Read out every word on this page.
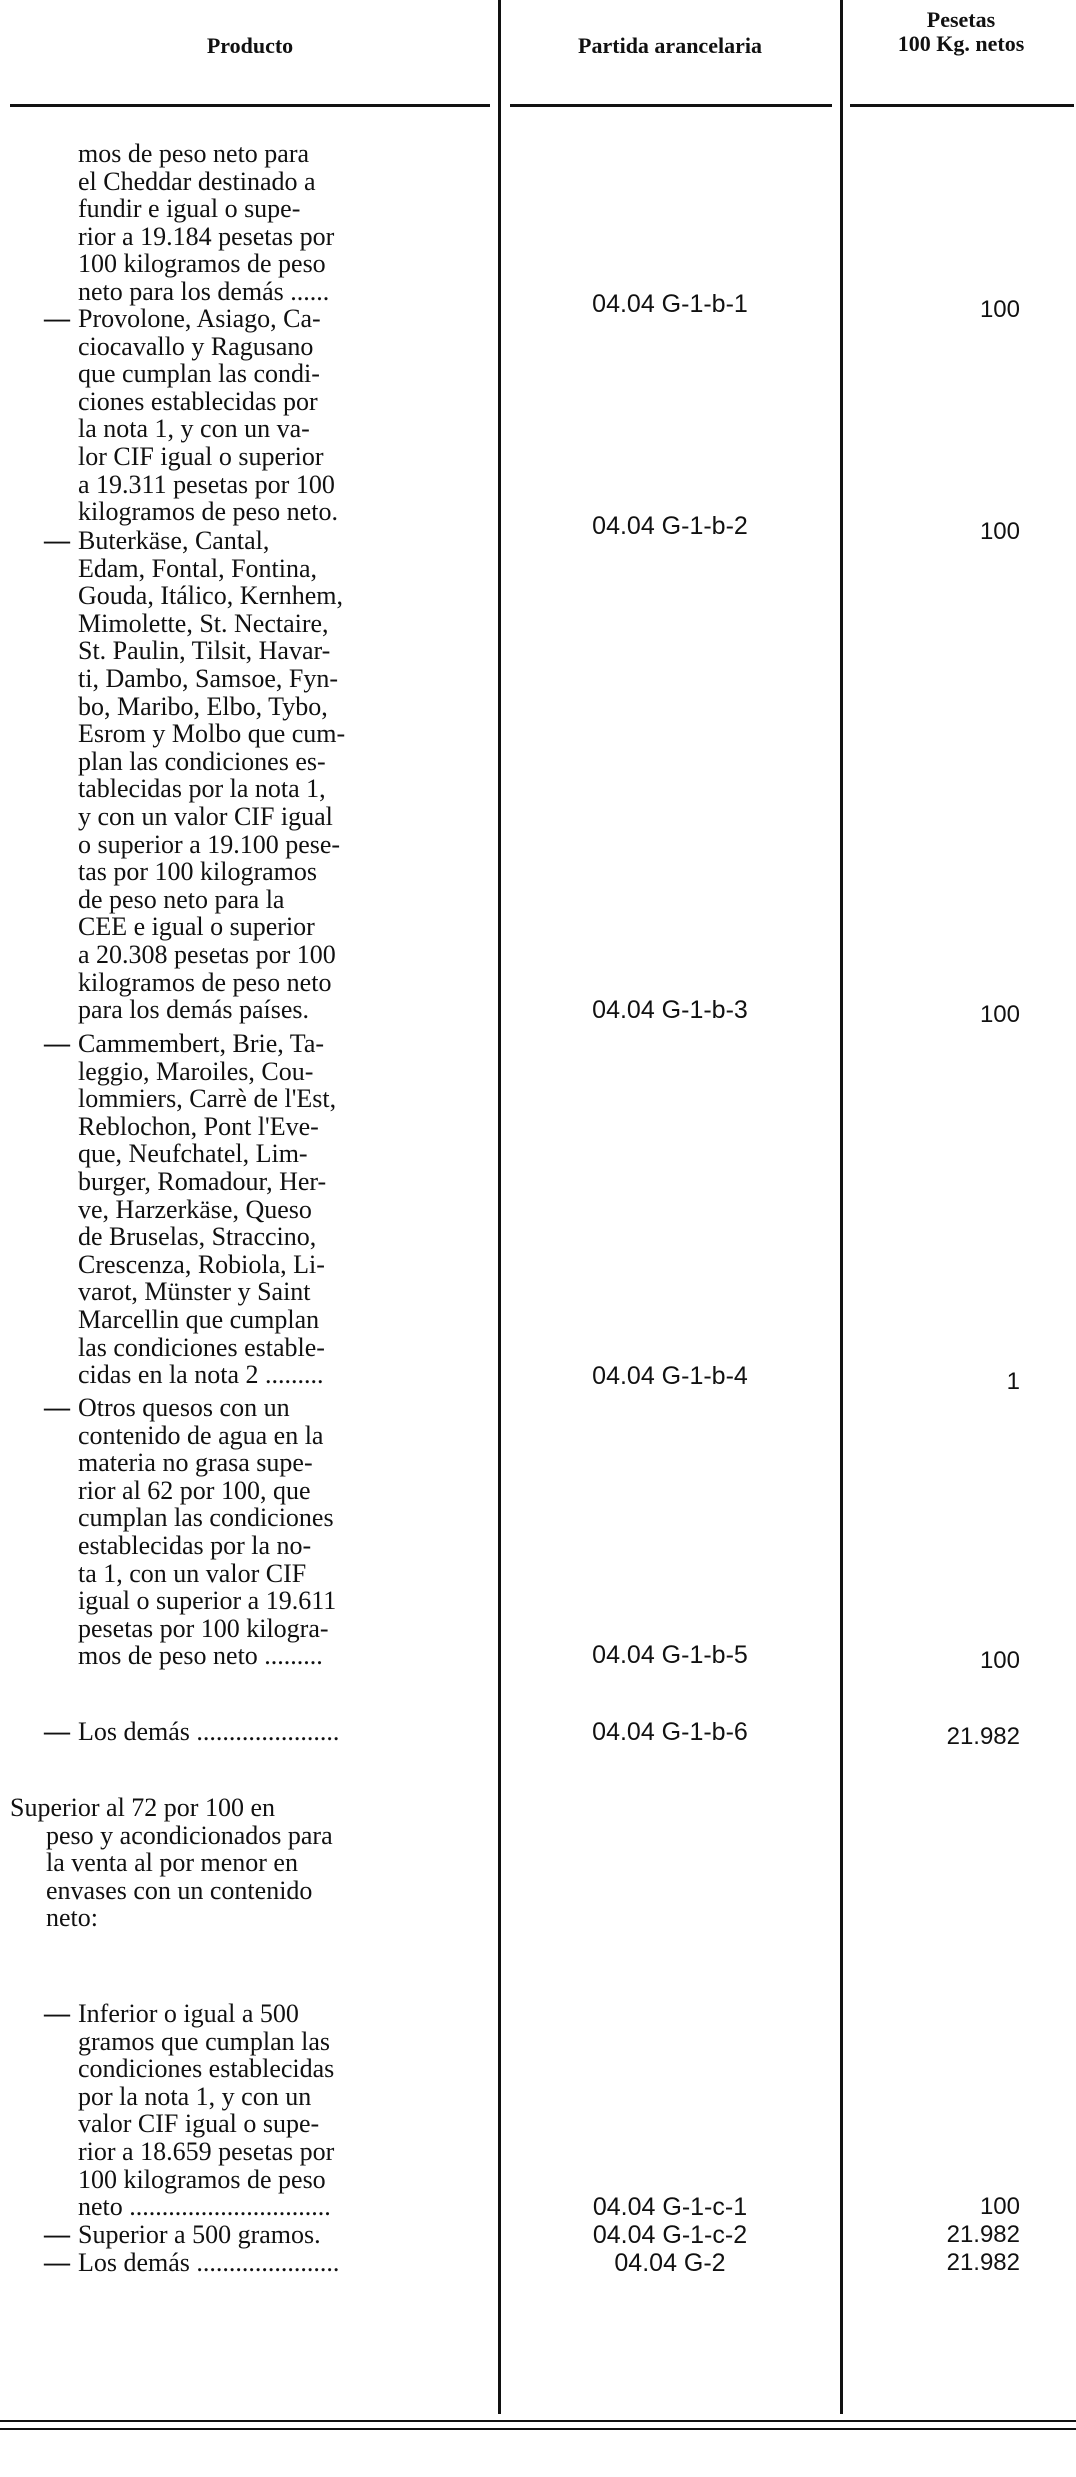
Producto	Partida arancelaria
Pesetas
100 Kg. netos

mos de peso neto para

el Cheddar destinado a

fundir e igual o supe-

rior a 19.184 pesetas por

100 kilogramos de peso

neto para los demás ......

— Provolone, Asiago, Ca-

ciocavallo y Ragusano

que cumplan las condi-

ciones establecidas por

la nota 1, y con un va-

lor CIF igual o superior

a 19.311 pesetas por 100

kilogramos de peso neto.

— Buterkäse, Cantal,

Edam, Fontal, Fontina,

Gouda, Itálico, Kernhem,

Mimolette, St. Nectaire,

St. Paulin, Tilsit, Havar-

ti, Dambo, Samsoe, Fyn-

bo, Maribo, Elbo, Tybo,

Esrom y Molbo que cum-

plan las condiciones es-

tablecidas por la nota 1,

y con un valor CIF igual

o superior a 19.100 pese-

tas por 100 kilogramos

de peso neto para la

CEE e igual o superior

a 20.308 pesetas por 100

kilogramos de peso neto

para los demás países.

— Cammembert, Brie, Ta-

leggio, Maroiles, Cou-

lommiers, Carrè de l'Est,

Reblochon, Pont l'Eve-

que, Neufchatel, Lim-

burger, Romadour, Her-

ve, Harzerkäse, Queso

de Bruselas, Straccino,

Crescenza, Robiola, Li-

varot, Münster y Saint

Marcellin que cumplan

las condiciones estable-

cidas en la nota 2 .........

— Otros quesos con un

contenido de agua en la

materia no grasa supe-

rior al 62 por 100, que

cumplan las condiciones

establecidas por la no-

ta 1, con un valor CIF

igual o superior a 19.611

pesetas por 100 kilogra-

mos de peso neto .........

— Los demás ......................

Superior al 72 por 100 en

peso y acondicionados para

la venta al por menor en

envases con un contenido

neto:

— Inferior o igual a 500

gramos que cumplan las

condiciones establecidas

por la nota 1, y con un

valor CIF igual o supe-

rior a 18.659 pesetas por

100 kilogramos de peso

neto ...............................

— Superior a 500 gramos.

— Los demás ......................

04.04 G-1-b-1
04.04 G-1-b-2
04.04 G-1-b-3
04.04 G-1-b-4
04.04 G-1-b-5
04.04 G-1-b-6
04.04 G-1-c-1
04.04 G-1-c-2
04.04 G-2
100
100
100
1
100
21.982
100
21.982
21.982
